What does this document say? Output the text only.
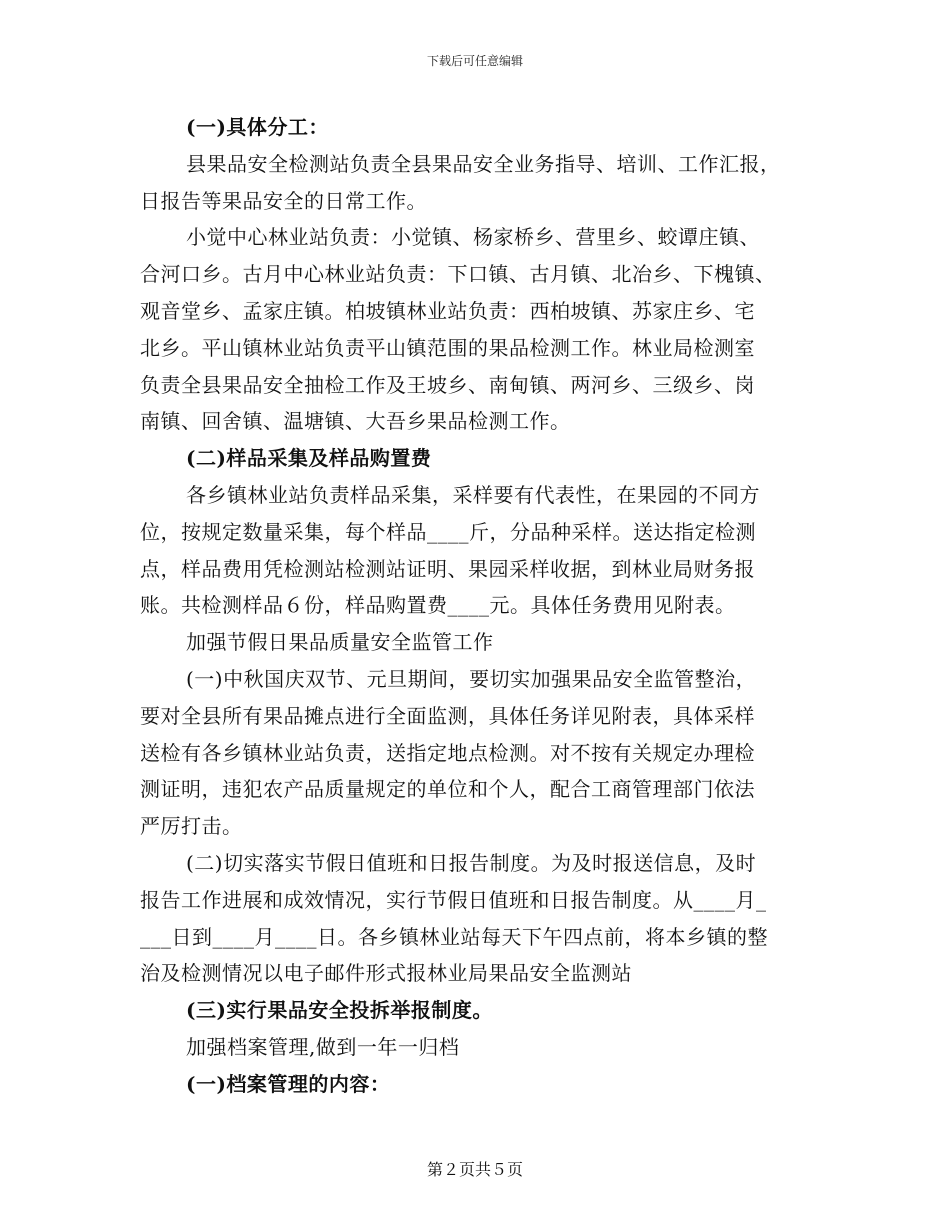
下载后可任意编辑
(一)具体分工：
县果品安全检测站负责全县果品安全业务指导、培训、工作汇报，
日报告等果品安全的日常工作。
小觉中心林业站负责：小觉镇、杨家桥乡、营里乡、蛟谭庄镇、
合河口乡。古月中心林业站负责：下口镇、古月镇、北冶乡、下槐镇、
观音堂乡、孟家庄镇。柏坡镇林业站负责：西柏坡镇、苏家庄乡、宅
北乡。平山镇林业站负责平山镇范围的果品检测工作。林业局检测室
负责全县果品安全抽检工作及王坡乡、南甸镇、两河乡、三级乡、岗
南镇、回舍镇、温塘镇、大吾乡果品检测工作。
(二)样品采集及样品购置费
各乡镇林业站负责样品采集，采样要有代表性，在果园的不同方
位，按规定数量采集，每个样品____斤，分品种采样。送达指定检测
点，样品费用凭检测站检测站证明、果园采样收据，到林业局财务报
账。共检测样品６份，样品购置费____元。具体任务费用见附表。
加强节假日果品质量安全监管工作
(一)中秋国庆双节、元旦期间，要切实加强果品安全监管整治，
要对全县所有果品摊点进行全面监测，具体任务详见附表，具体采样
送检有各乡镇林业站负责，送指定地点检测。对不按有关规定办理检
测证明，违犯农产品质量规定的单位和个人，配合工商管理部门依法
严厉打击。
(二)切实落实节假日值班和日报告制度。为及时报送信息，及时
报告工作进展和成效情况，实行节假日值班和日报告制度。从____月_
___日到____月____日。各乡镇林业站每天下午四点前，将本乡镇的整
治及检测情况以电子邮件形式报林业局果品安全监测站
(三)实行果品安全投拆举报制度。
加强档案管理,做到一年一归档
(一)档案管理的内容：
第２页共５页
